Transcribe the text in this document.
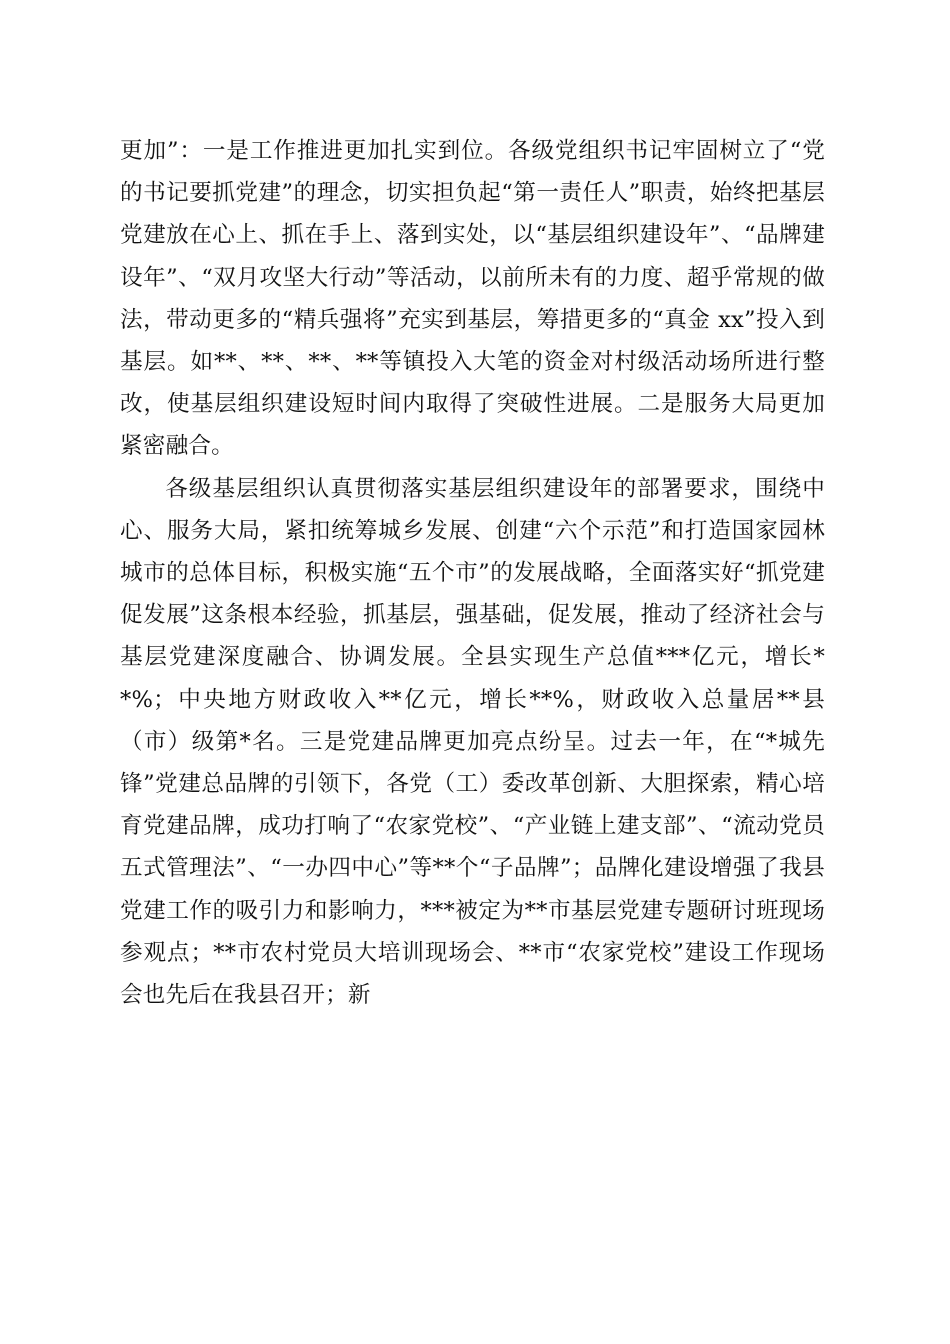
更加”：一是工作推进更加扎实到位。各级党组织书记牢固树立了“党的书记要抓党建”的理念，切实担负起“第一责任人”职责，始终把基层党建放在心上、抓在手上、落到实处，以“基层组织建设年”、“品牌建设年”、“双月攻坚大行动”等活动，以前所未有的力度、超乎常规的做法，带动更多的“精兵强将”充实到基层，筹措更多的“真金 xx”投入到基层。如**、**、**、**等镇投入大笔的资金对村级活动场所进行整改，使基层组织建设短时间内取得了突破性进展。二是服务大局更加紧密融合。

各级基层组织认真贯彻落实基层组织建设年的部署要求，围绕中心、服务大局，紧扣统筹城乡发展、创建“六个示范”和打造国家园林城市的总体目标，积极实施“五个市”的发展战略，全面落实好“抓党建促发展”这条根本经验，抓基层，强基础，促发展，推动了经济社会与基层党建深度融合、协调发展。全县实现生产总值***亿元，增长**%；中央地方财政收入**亿元，增长**%，财政收入总量居**县（市）级第*名。三是党建品牌更加亮点纷呈。过去一年，在“*城先锋”党建总品牌的引领下，各党（工）委改革创新、大胆探索，精心培育党建品牌，成功打响了“农家党校”、“产业链上建支部”、“流动党员五式管理法”、“一办四中心”等**个“子品牌”；品牌化建设增强了我县党建工作的吸引力和影响力，***被定为**市基层党建专题研讨班现场参观点；**市农村党员大培训现场会、**市“农家党校”建设工作现场会也先后在我县召开；新
